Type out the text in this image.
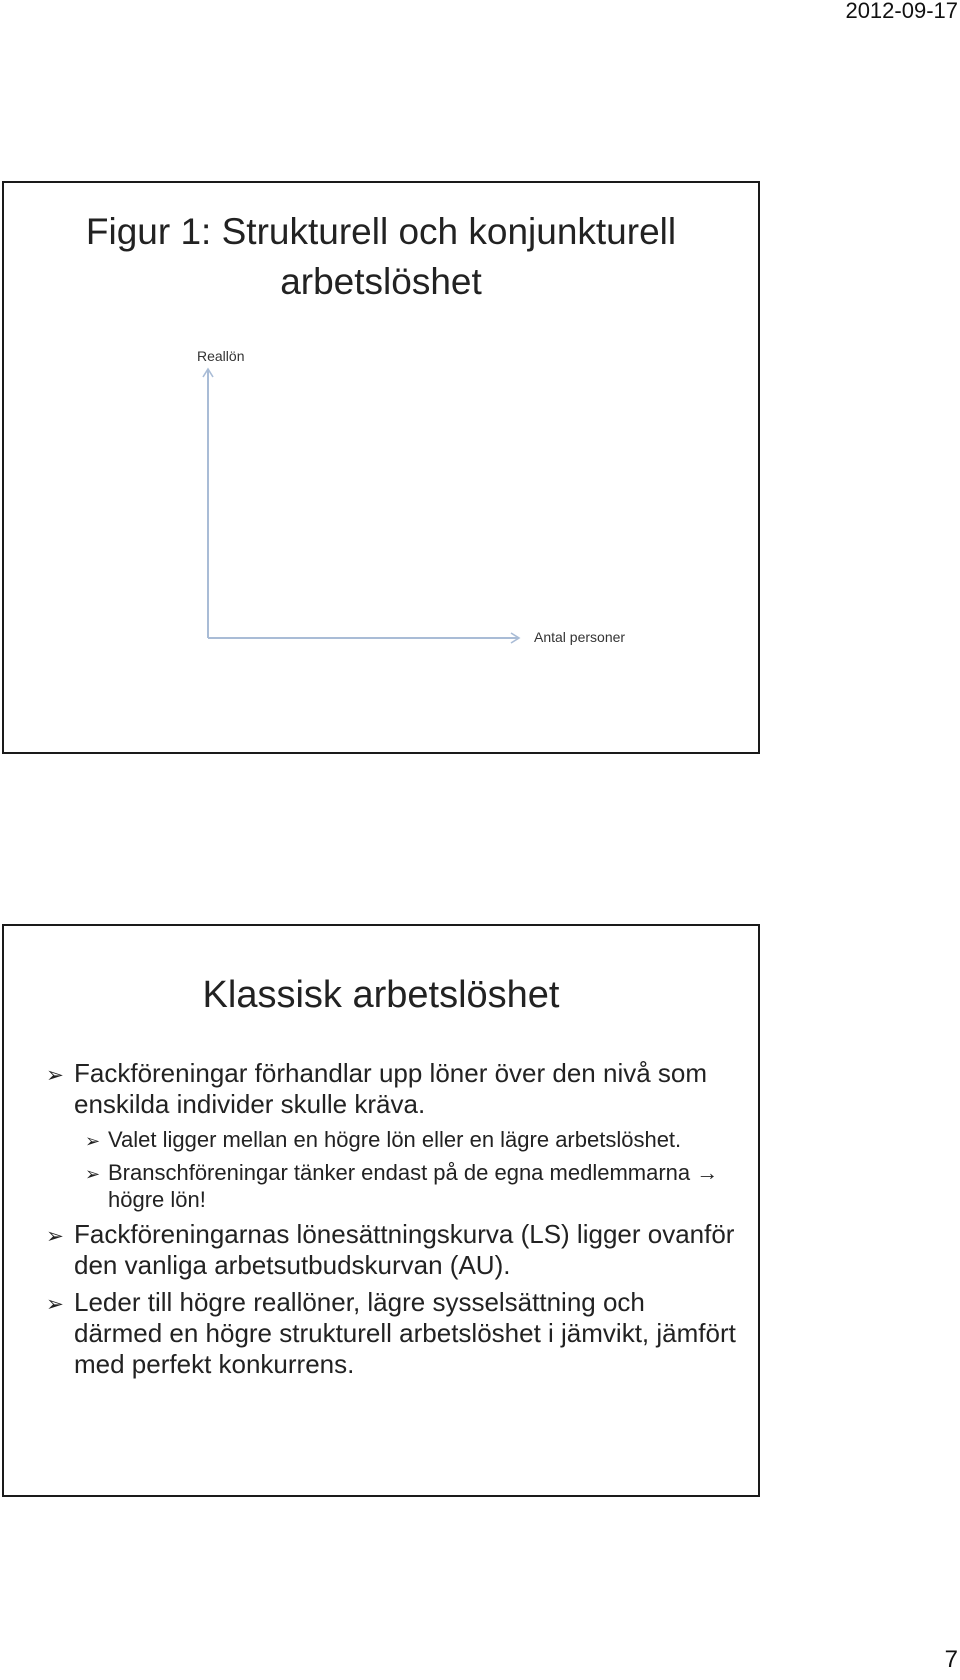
2012-09-17
Figur 1: Strukturell och konjunkturell
arbetslöshet
Reallön
Antal personer
Klassisk arbetslöshet
➢ Fackföreningar förhandlar upp löner över den nivå som enskilda individer skulle kräva.
➢ Valet ligger mellan en högre lön eller en lägre arbetslöshet.
➢ Branschföreningar tänker endast på de egna medlemmarna → högre lön!
➢ Fackföreningarnas lönesättningskurva (LS) ligger ovanför den vanliga arbetsutbudskurvan (AU).
➢ Leder till högre reallöner, lägre sysselsättning och därmed en högre strukturell arbetslöshet i jämvikt, jämfört med perfekt konkurrens.
7
